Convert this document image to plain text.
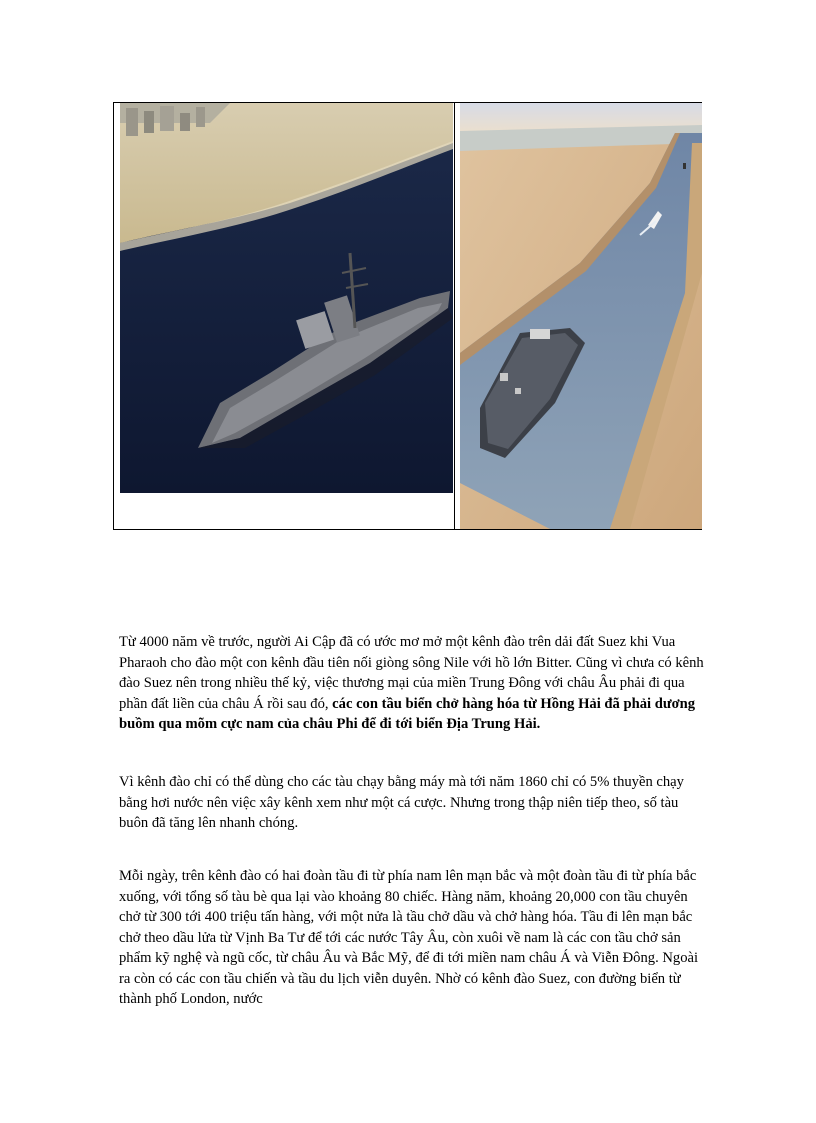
Từ 4000 năm về trước, người Ai Cập đã có ước mơ mở một kênh đào trên dải đất Suez khi Vua Pharaoh cho đào một con kênh đầu tiên nối giòng sông Nile với hồ lớn Bitter. Cũng vì chưa có kênh đào Suez nên trong nhiều thế kỷ, việc thương mại của miền Trung Đông với châu Âu phải đi qua phần đất liền của châu Á rồi sau đó, các con tầu biển chở hàng hóa từ Hồng Hải đã phải dương buồm qua mõm cực nam của châu Phi để đi tới biển Địa Trung Hải.

Vì kênh đào chỉ có thể dùng cho các tàu chạy bằng máy mà tới năm 1860 chỉ có 5% thuyền chạy bằng hơi nước nên việc xây kênh xem như một cá cược. Nhưng trong thập niên tiếp theo, số tàu buôn đã tăng lên nhanh chóng.

Mỗi ngày, trên kênh đào có hai đoàn tầu đi từ phía nam lên mạn bắc và một đoàn tầu đi từ phía bắc xuống, với tổng số tàu bè qua lại vào khoảng 80 chiếc. Hàng năm, khoảng 20,000 con tầu chuyên chở từ 300 tới 400 triệu tấn hàng, với một nửa là tầu chở dầu và chở hàng hóa. Tầu đi lên mạn bắc chở theo dầu lửa từ Vịnh Ba Tư để tới các nước Tây Âu, còn xuôi về nam là các con tầu chở sản phẩm kỹ nghệ và ngũ cốc, từ châu Âu và Bắc Mỹ, để đi tới miền nam châu Á và Viễn Đông. Ngoài ra còn có các con tầu chiến và tầu du lịch viễn duyên. Nhờ có kênh đào Suez, con đường biển từ thành phố London, nước
